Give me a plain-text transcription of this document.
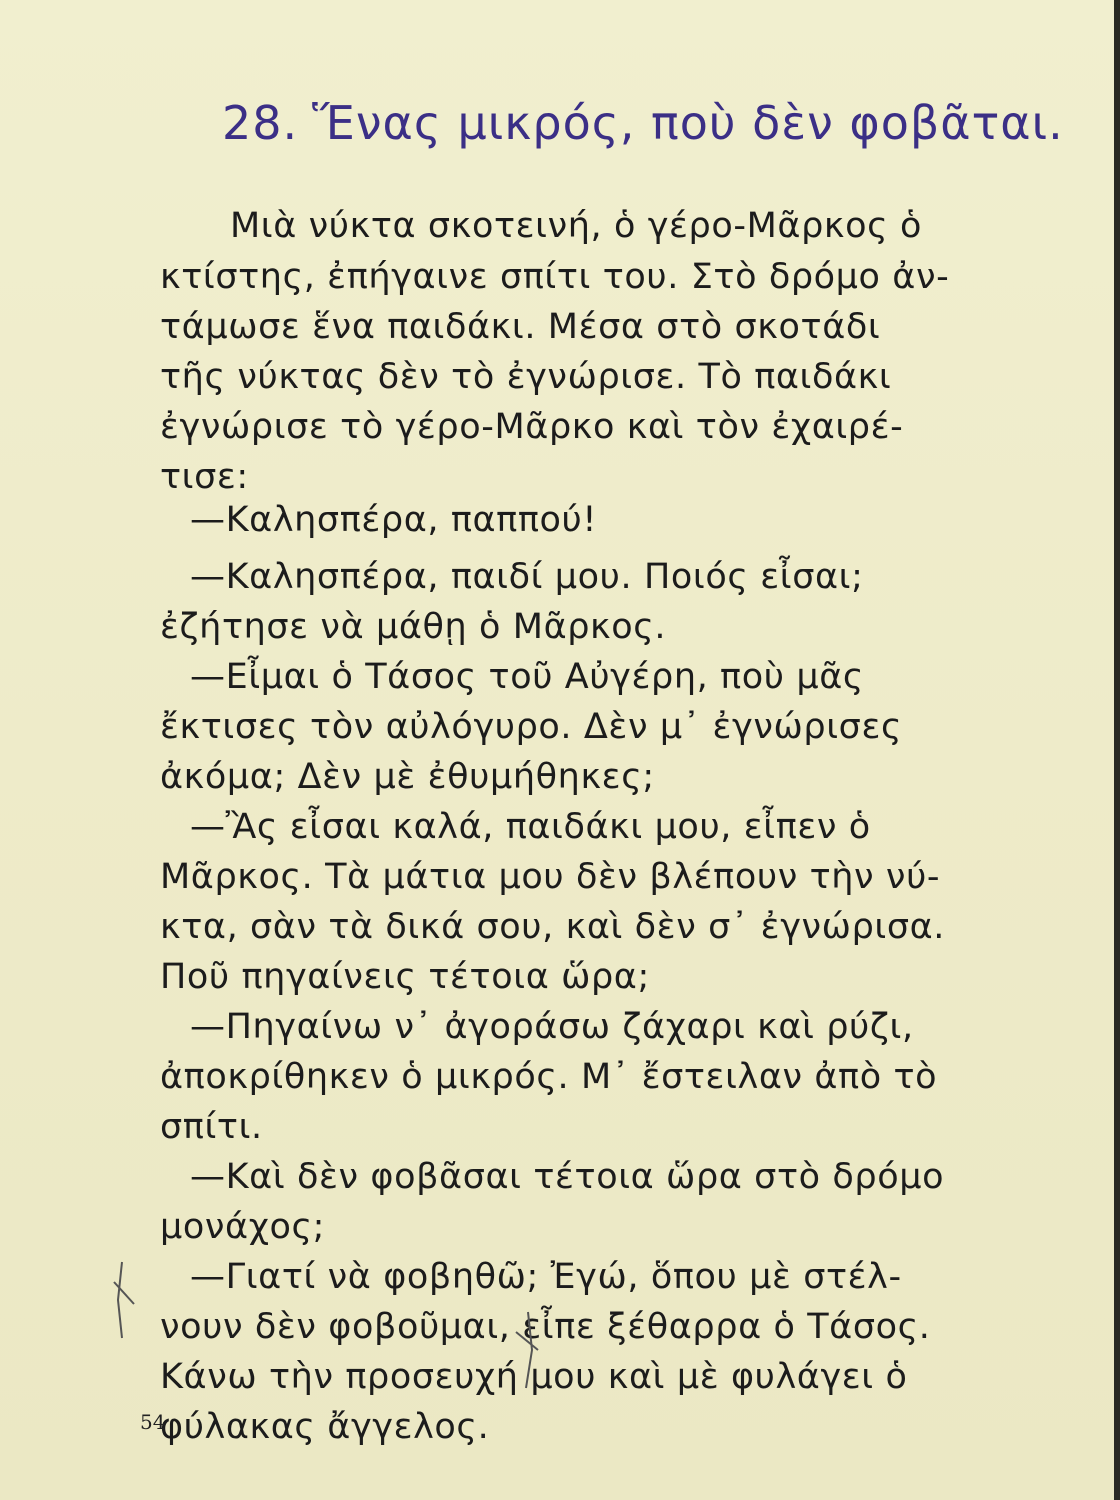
28. Ἕνας μικρός, ποὺ δὲν φοβᾶται.
Μιὰ νύκτα σκοτεινή, ὁ γέρο-Μᾶρκος ὁ
κτίστης, ἐπήγαινε σπίτι του. Στὸ δρόμο ἀν-
τάμωσε ἕνα παιδάκι. Μέσα στὸ σκοτάδι
τῆς νύκτας δὲν τὸ ἐγνώρισε. Τὸ παιδάκι
ἐγνώρισε τὸ γέρο-Μᾶρκο καὶ τὸν ἐχαιρέ-
τισε:
—Καλησπέρα, παππού!
—Καλησπέρα, παιδί μου. Ποιός εἶσαι;
ἐζήτησε νὰ μάθῃ ὁ Μᾶρκος.
—Εἶμαι ὁ Τάσος τοῦ Αὐγέρη, ποὺ μᾶς
ἔκτισες τὸν αὐλόγυρο. Δὲν μ᾿ ἐγνώρισες
ἀκόμα; Δὲν μὲ ἐθυμήθηκες;
—Ἂς εἶσαι καλά, παιδάκι μου, εἶπεν ὁ
Μᾶρκος. Τὰ μάτια μου δὲν βλέπουν τὴν νύ-
κτα, σὰν τὰ δικά σου, καὶ δὲν σ᾿ ἐγνώρισα.
Ποῦ πηγαίνεις τέτοια ὥρα;
—Πηγαίνω ν᾿ ἀγοράσω ζάχαρι καὶ ρύζι,
ἀποκρίθηκεν ὁ μικρός. Μ᾿ ἔστειλαν ἀπὸ τὸ
σπίτι.
—Καὶ δὲν φοβᾶσαι τέτοια ὥρα στὸ δρόμο
μονάχος;
—Γιατί νὰ φοβηθῶ; Ἐγώ, ὅπου μὲ στέλ-
νουν δὲν φοβοῦμαι, εἶπε ξέθαρρα ὁ Τάσος.
Κάνω τὴν προσευχή μου καὶ μὲ φυλάγει ὁ
φύλακας ἄγγελος.
54
